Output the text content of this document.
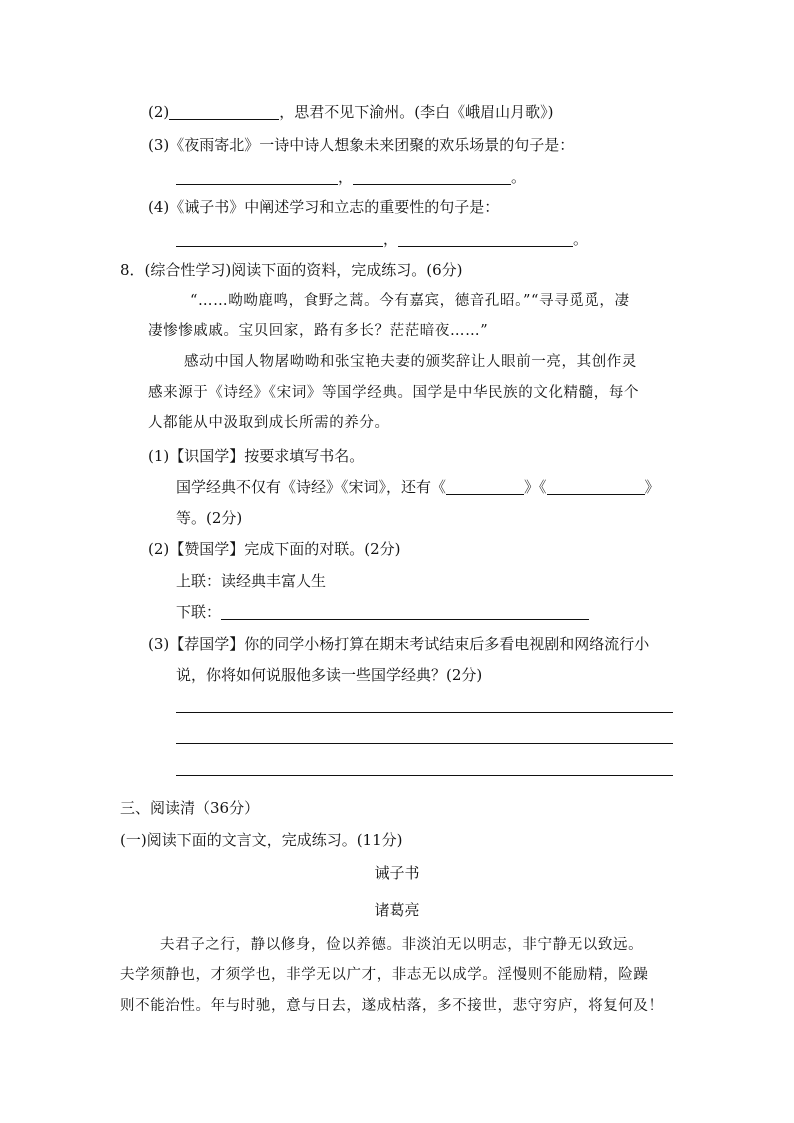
(2)	，思君不见下渝州。(李白《峨眉山月歌》)
(3)《夜雨寄北》一诗中诗人想象未来团聚的欢乐场景的句子是：
，	。
(4)《诫子书》中阐述学习和立志的重要性的句子是：
，	。
8．(综合性学习)阅读下面的资料，完成练习。(6分)
“……呦呦鹿鸣，食野之蒿。今有嘉宾，德音孔昭。”“寻寻觅觅，凄
凄惨惨戚戚。宝贝回家，路有多长？茫茫暗夜……”
感动中国人物屠呦呦和张宝艳夫妻的颁奖辞让人眼前一亮，其创作灵
感来源于《诗经》《宋词》等国学经典。国学是中华民族的文化精髓，每个
人都能从中汲取到成长所需的养分。
(1)【识国学】按要求填写书名。
国学经典不仅有《诗经》《宋词》，还有《	》《	》
等。(2分)
(2)【赞国学】完成下面的对联。(2分)
上联：读经典丰富人生
下联：
(3)【荐国学】你的同学小杨打算在期末考试结束后多看电视剧和网络流行小
说，你将如何说服他多读一些国学经典？(2分)
三、阅读清（36分）
(一)阅读下面的文言文，完成练习。(11分)
诫子书
诸葛亮
夫君子之行，静以修身，俭以养德。非淡泊无以明志，非宁静无以致远。
夫学须静也，才须学也，非学无以广才，非志无以成学。淫慢则不能励精，险躁
则不能治性。年与时驰，意与日去，遂成枯落，多不接世，悲守穷庐，将复何及！
